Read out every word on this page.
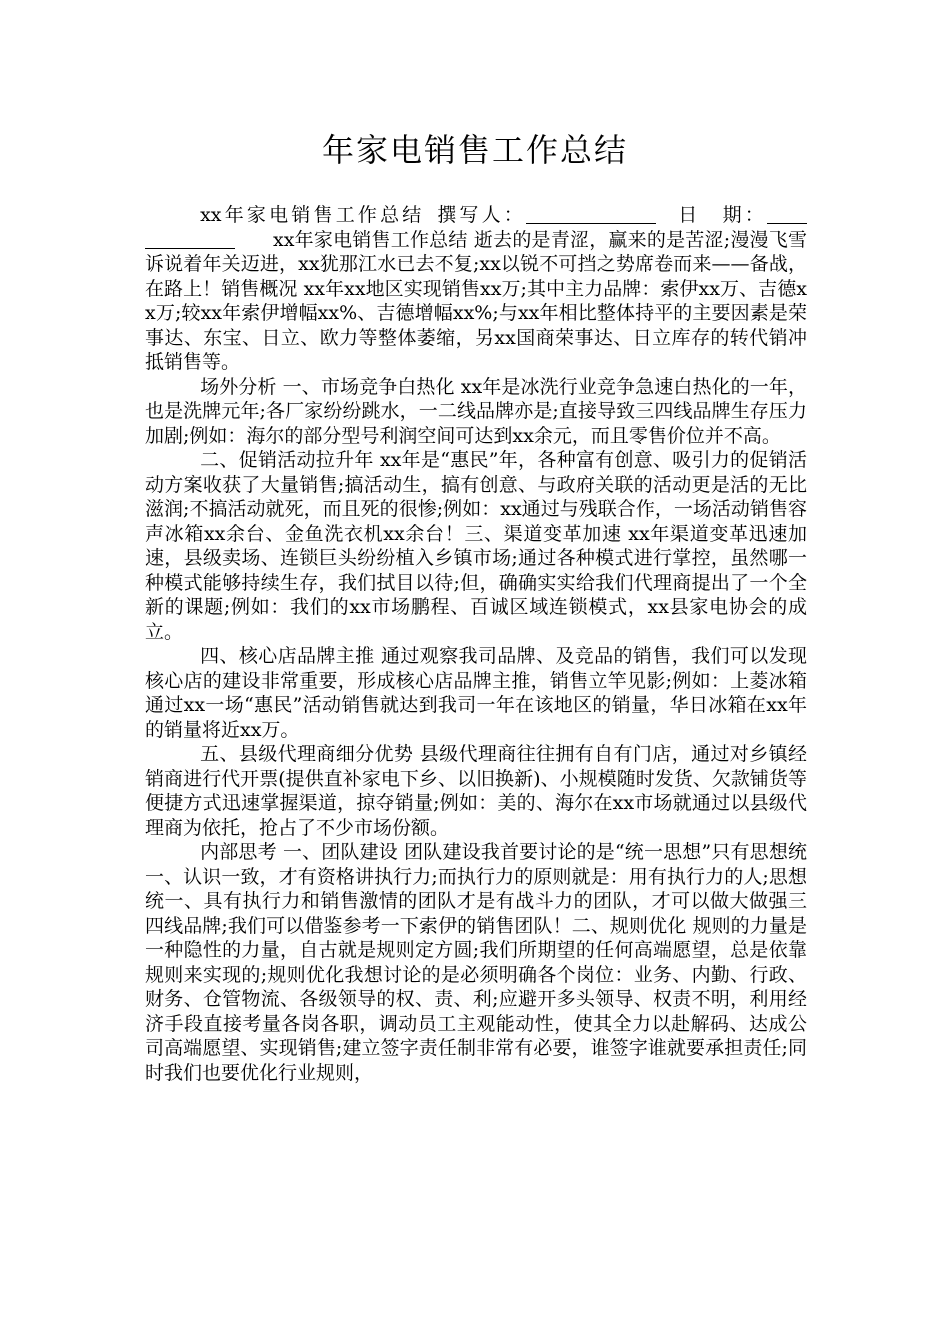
年家电销售工作总结

xx年家电销售工作总结  撰写人： 	日　期：  xx年家电销售工作总结 逝去的是青涩，赢来的是苦涩;漫漫飞雪诉说着年关迈进，xx犹那江水已去不复;xx以锐不可挡之势席卷而来——备战，在路上！销售概况 xx年xx地区实现销售xx万;其中主力品牌：索伊xx万、吉德xx万;较xx年索伊增幅xx%、吉德增幅xx%;与xx年相比整体持平的主要因素是荣事达、东宝、日立、欧力等整体萎缩，另xx国商荣事达、日立库存的转代销冲抵销售等。

场外分析 一、市场竞争白热化 xx年是冰洗行业竞争急速白热化的一年，也是洗牌元年;各厂家纷纷跳水，一二线品牌亦是;直接导致三四线品牌生存压力加剧;例如：海尔的部分型号利润空间可达到xx余元，而且零售价位并不高。

二、促销活动拉升年 xx年是“惠民”年，各种富有创意、吸引力的促销活动方案收获了大量销售;搞活动生，搞有创意、与政府关联的活动更是活的无比滋润;不搞活动就死，而且死的很惨;例如：xx通过与残联合作，一场活动销售容声冰箱xx余台、金鱼洗衣机xx余台！三、渠道变革加速 xx年渠道变革迅速加速，县级卖场、连锁巨头纷纷植入乡镇市场;通过各种模式进行掌控，虽然哪一种模式能够持续生存，我们拭目以待;但，确确实实给我们代理商提出了一个全新的课题;例如：我们的xx市场鹏程、百诚区域连锁模式，xx县家电协会的成立。

四、核心店品牌主推 通过观察我司品牌、及竞品的销售，我们可以发现核心店的建设非常重要，形成核心店品牌主推，销售立竿见影;例如：上菱冰箱通过xx一场“惠民”活动销售就达到我司一年在该地区的销量，华日冰箱在xx年的销量将近xx万。

五、县级代理商细分优势 县级代理商往往拥有自有门店，通过对乡镇经销商进行代开票(提供直补家电下乡、以旧换新)、小规模随时发货、欠款铺货等便捷方式迅速掌握渠道，掠夺销量;例如：美的、海尔在xx市场就通过以县级代理商为依托，抢占了不少市场份额。

内部思考 一、团队建设 团队建设我首要讨论的是“统一思想”只有思想统一、认识一致，才有资格讲执行力;而执行力的原则就是：用有执行力的人;思想统一、具有执行力和销售激情的团队才是有战斗力的团队，才可以做大做强三四线品牌;我们可以借鉴参考一下索伊的销售团队！二、规则优化 规则的力量是一种隐性的力量，自古就是规则定方圆;我们所期望的任何高端愿望，总是依靠规则来实现的;规则优化我想讨论的是必须明确各个岗位：业务、内勤、行政、财务、仓管物流、各级领导的权、责、利;应避开多头领导、权责不明，利用经济手段直接考量各岗各职，调动员工主观能动性，使其全力以赴解码、达成公司高端愿望、实现销售;建立签字责任制非常有必要，谁签字谁就要承担责任;同时我们也要优化行业规则，
